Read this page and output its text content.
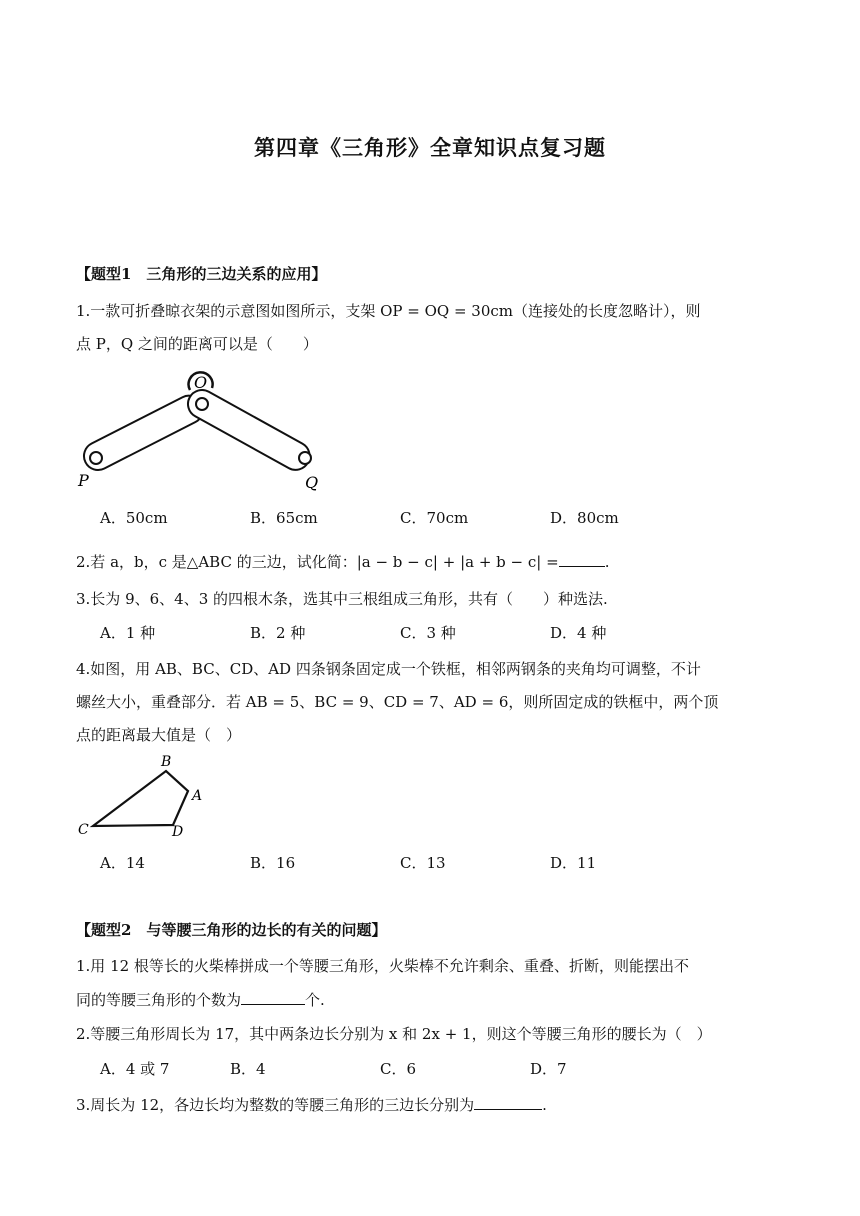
第四章《三角形》全章知识点复习题
【题型1　三角形的三边关系的应用】
1.一款可折叠晾衣架的示意图如图所示，支架 OP = OQ = 30cm（连接处的长度忽略计），则
点 P，Q 之间的距离可以是（　　）
O
P	Q
A．50cm	B．65cm	C．70cm	D．80cm
2.若 a，b，c 是△ABC 的三边，试化简：|a − b − c| + |a + b − c| =	.
3.长为 9、6、4、3 的四根木条，选其中三根组成三角形，共有（　　）种选法.
A．1 种	B．2 种	C．3 种	D．4 种
4.如图，用 AB、BC、CD、AD 四条钢条固定成一个铁框，相邻两钢条的夹角均可调整，不计
螺丝大小，重叠部分．若 AB = 5、BC = 9、CD = 7、AD = 6，则所固定成的铁框中，两个顶
点的距离最大值是（　）
B
A
C	D
A．14	B．16	C．13	D．11
【题型2　与等腰三角形的边长的有关的问题】
1.用 12 根等长的火柴棒拼成一个等腰三角形，火柴棒不允许剩余、重叠、折断，则能摆出不
同的等腰三角形的个数为	个.
2.等腰三角形周长为 17，其中两条边长分别为 x 和 2x + 1，则这个等腰三角形的腰长为（　）
A．4 或 7	B．4	C．6	D．7
3.周长为 12，各边长均为整数的等腰三角形的三边长分别为	.
